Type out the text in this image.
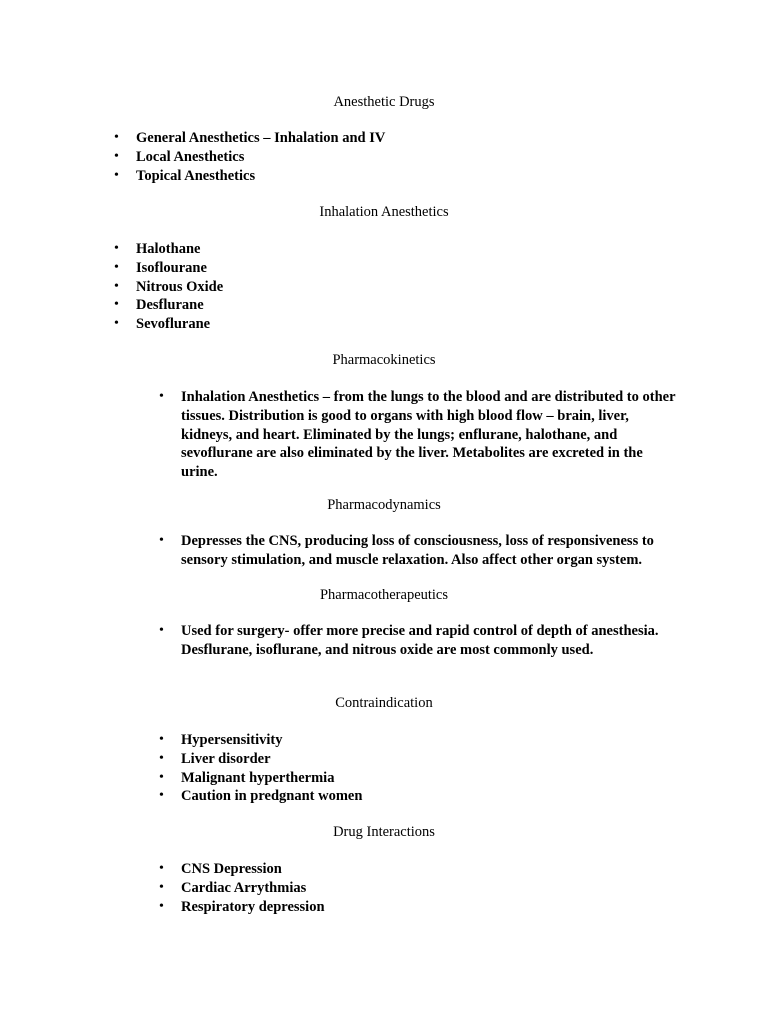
Anesthetic Drugs
• General Anesthetics – Inhalation and IV
• Local Anesthetics
• Topical Anesthetics
Inhalation Anesthetics
• Halothane
• Isoflourane
• Nitrous Oxide
• Desflurane
• Sevoflurane
Pharmacokinetics
• Inhalation Anesthetics – from the lungs to the blood and are distributed to other tissues. Distribution is good to organs with high blood flow – brain, liver, kidneys, and heart. Eliminated by the lungs; enflurane, halothane, and sevoflurane are also eliminated by the liver. Metabolites are excreted in the urine.
Pharmacodynamics
• Depresses the CNS, producing loss of consciousness, loss of responsiveness to sensory stimulation, and muscle relaxation. Also affect other organ system.
Pharmacotherapeutics
• Used for surgery- offer more precise and rapid control of depth of anesthesia. Desflurane, isoflurane, and nitrous oxide are most commonly used.
Contraindication
• Hypersensitivity
• Liver disorder
• Malignant hyperthermia
• Caution in predgnant women
Drug Interactions
• CNS Depression
• Cardiac Arrythmias
• Respiratory depression
